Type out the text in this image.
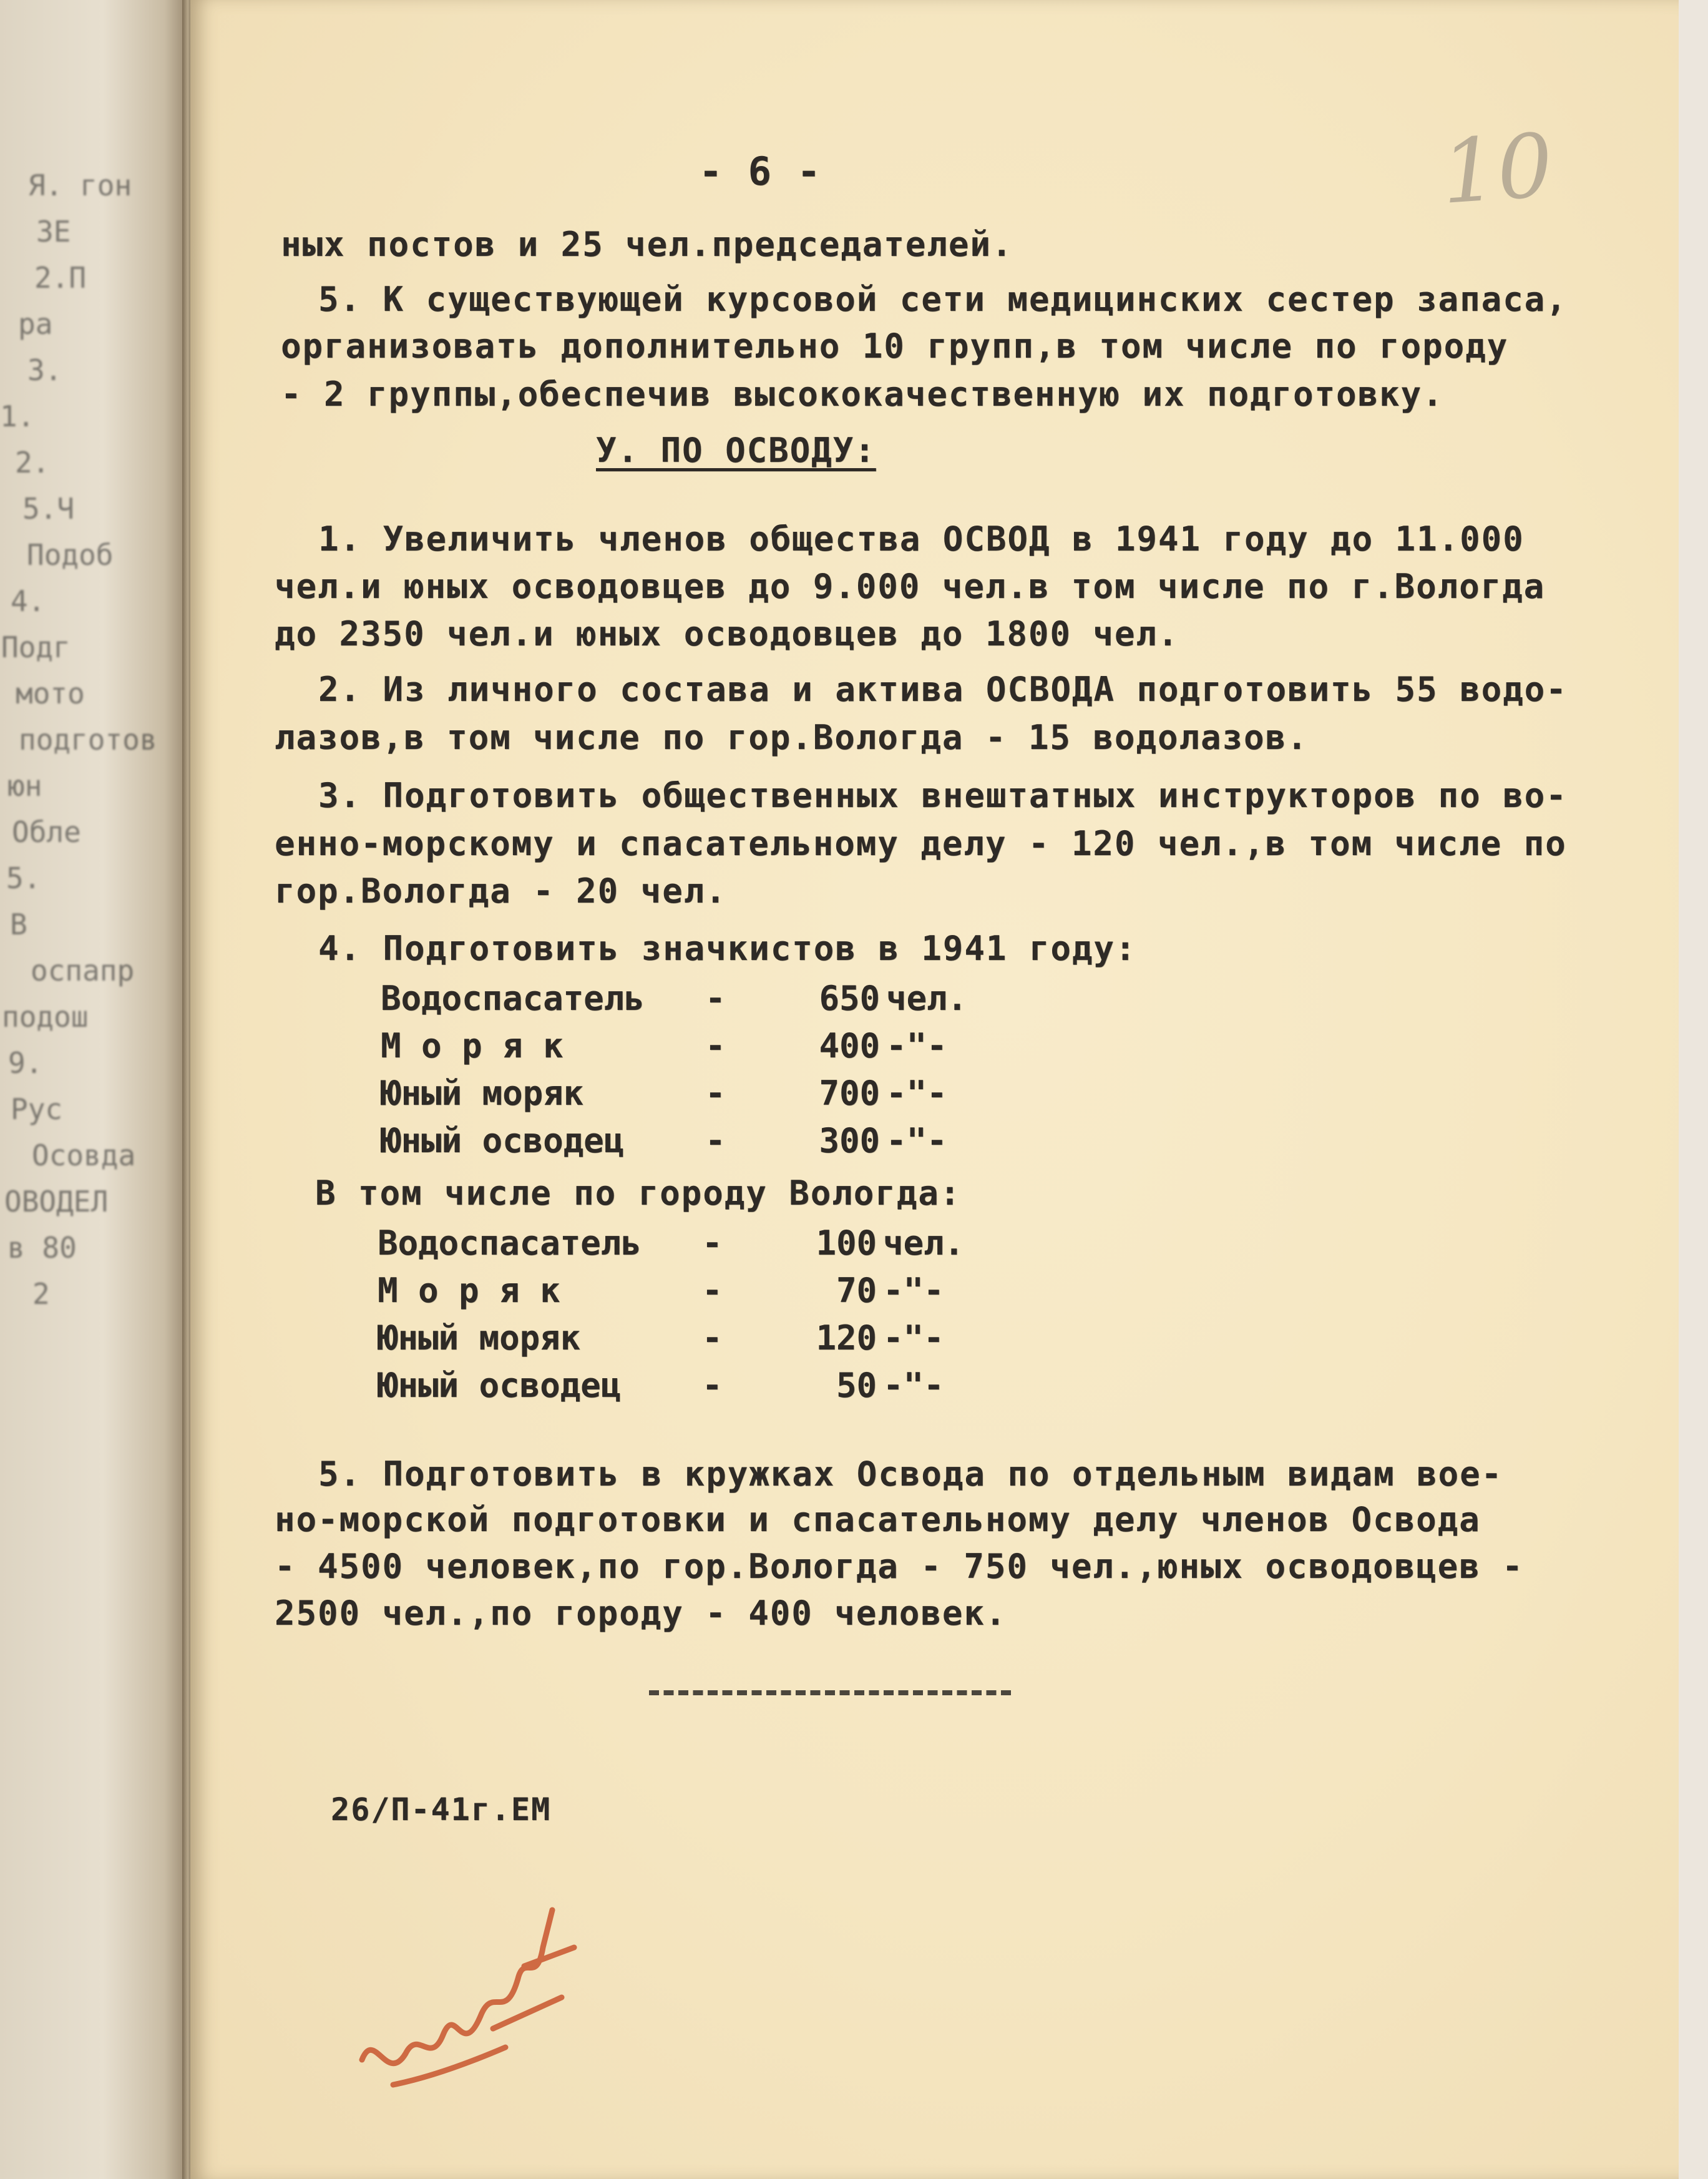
Я. гон
ЗЕ
2.П
ра
3.
1.
2.
5.Ч
Подоб
4.
Подг
мото
подготов
юн
Обле
5.
В
оспапр
подош
9.
Рус
Осовда
ОВОДЕЛ
в 80
2
10
- 6 -
ных постов и 25 чел.председателей.
5. К существующей курсовой сети медицинских сестер запаса,
организовать дополнительно 10 групп,в том числе по городу
- 2 группы,обеспечив высококачественную их подготовку.
У. ПО ОСВОДУ:
1. Увеличить членов общества ОСВОД в 1941 году до 11.000
чел.и юных осводовцев до 9.000 чел.в том числе по г.Вологда
до 2350 чел.и юных осводовцев до 1800 чел.
2. Из личного состава и актива ОСВОДА подготовить 55 водо-
лазов,в том числе по гор.Вологда - 15 водолазов.
3. Подготовить общественных внештатных инструкторов по во-
енно-морскому и спасательному делу - 120 чел.,в том числе по
гор.Вологда - 20 чел.
4. Подготовить значкистов в 1941 году:
Водоспасатель -	650 чел.
М о р я к	-	400 -"-
Юный моряк	-	700 -"-
Юный осводец -	300 -"-
В том числе по городу Вологда:
Водоспасатель -	100 чел.
М о р я к	-	70 -"-
Юный моряк	-	120 -"-
Юный осводец -	50 -"-
5. Подготовить в кружках Осводa по отдельным видам вое-
но-морской подготовки и спасательному делу членов Осводa
- 4500 человек,по гор.Вологда - 750 чел.,юных осводовцев -
2500 чел.,по городу - 400 человек.
26/П-41г.ЕМ
